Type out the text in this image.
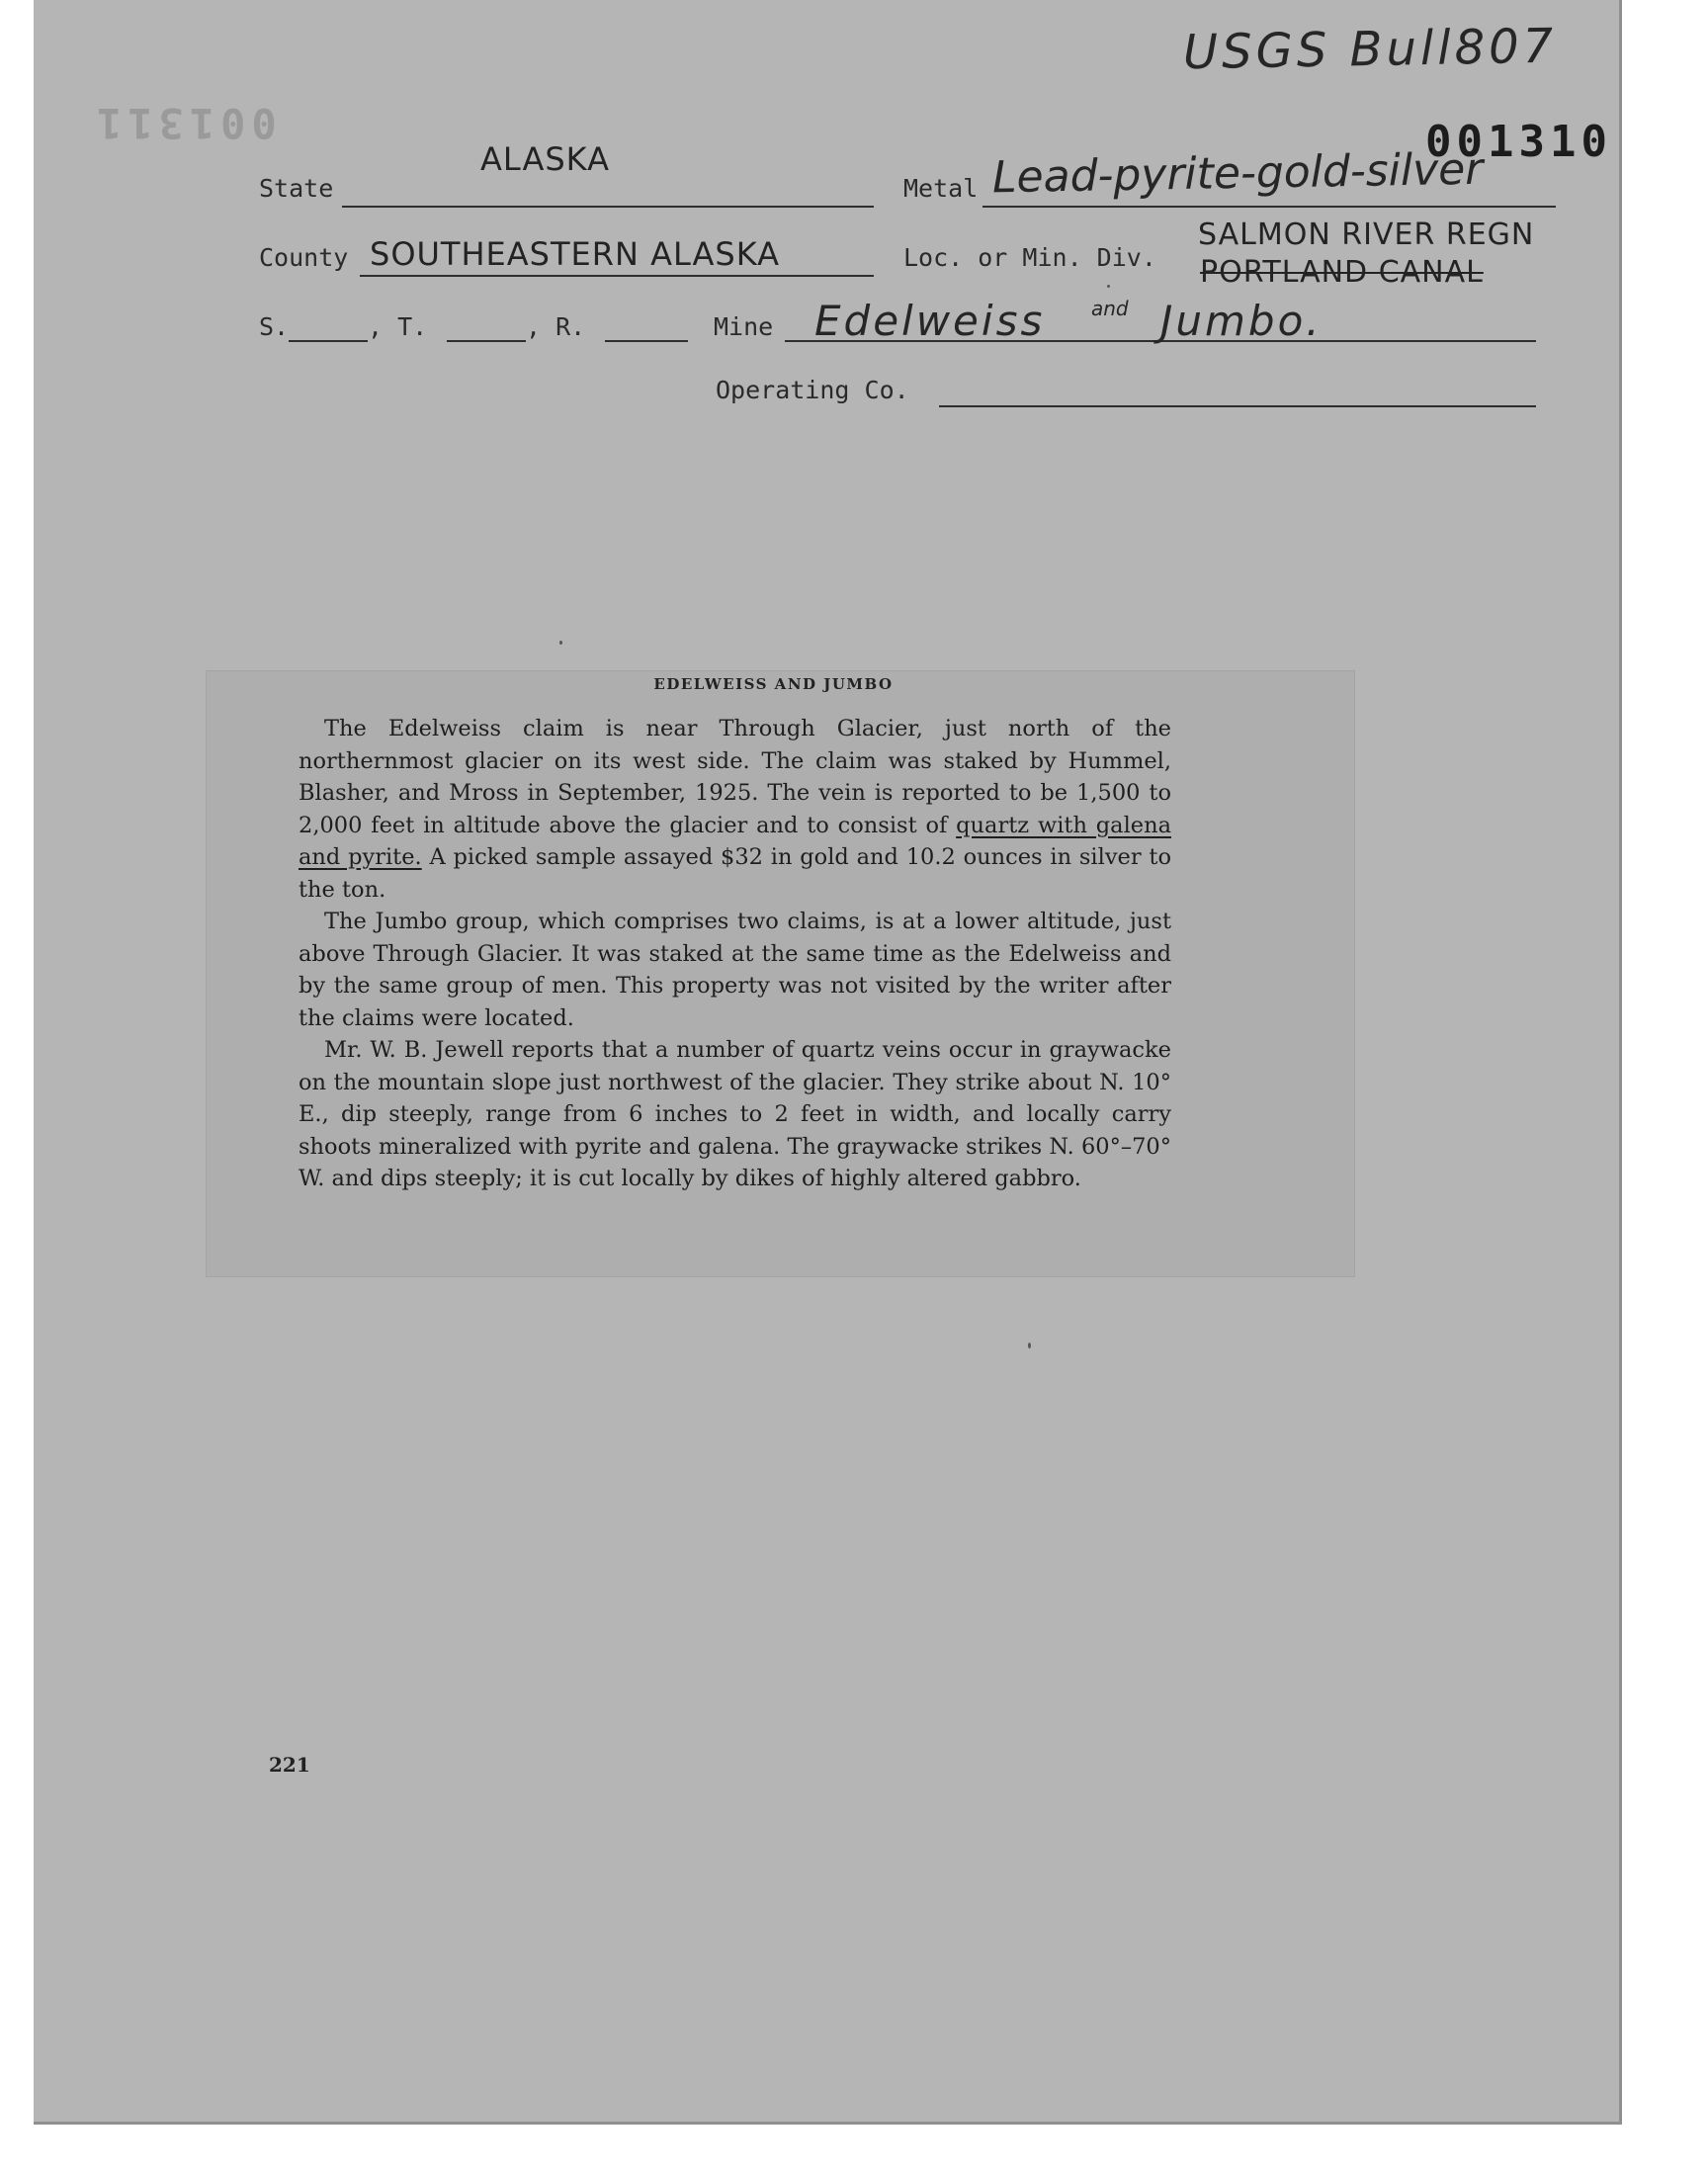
USGS Bull807
001311	001310
State
ALASKA
Metal Lead-pyrite-gold-silver
County SOUTHEASTERN ALASKA	Loc. or Min. Div.
SALMON RIVER REGN
PORTLAND CANAL
S.	, T.	, R.	Mine Edelweiss and Jumbo.
Operating Co.
EDELWEISS AND JUMBO

The Edelweiss claim is near Through Glacier, just north of the northernmost glacier on its west side. The claim was staked by Hummel, Blasher, and Mross in September, 1925. The vein is reported to be 1,500 to 2,000 feet in altitude above the glacier and to consist of quartz with galena and pyrite. A picked sample assayed $32 in gold and 10.2 ounces in silver to the ton.

The Jumbo group, which comprises two claims, is at a lower altitude, just above Through Glacier. It was staked at the same time as the Edelweiss and by the same group of men. This property was not visited by the writer after the claims were located.

Mr. W. B. Jewell reports that a number of quartz veins occur in graywacke on the mountain slope just northwest of the glacier. They strike about N. 10° E., dip steeply, range from 6 inches to 2 feet in width, and locally carry shoots mineralized with pyrite and galena. The graywacke strikes N. 60°–70° W. and dips steeply; it is cut locally by dikes of highly altered gabbro.

221
